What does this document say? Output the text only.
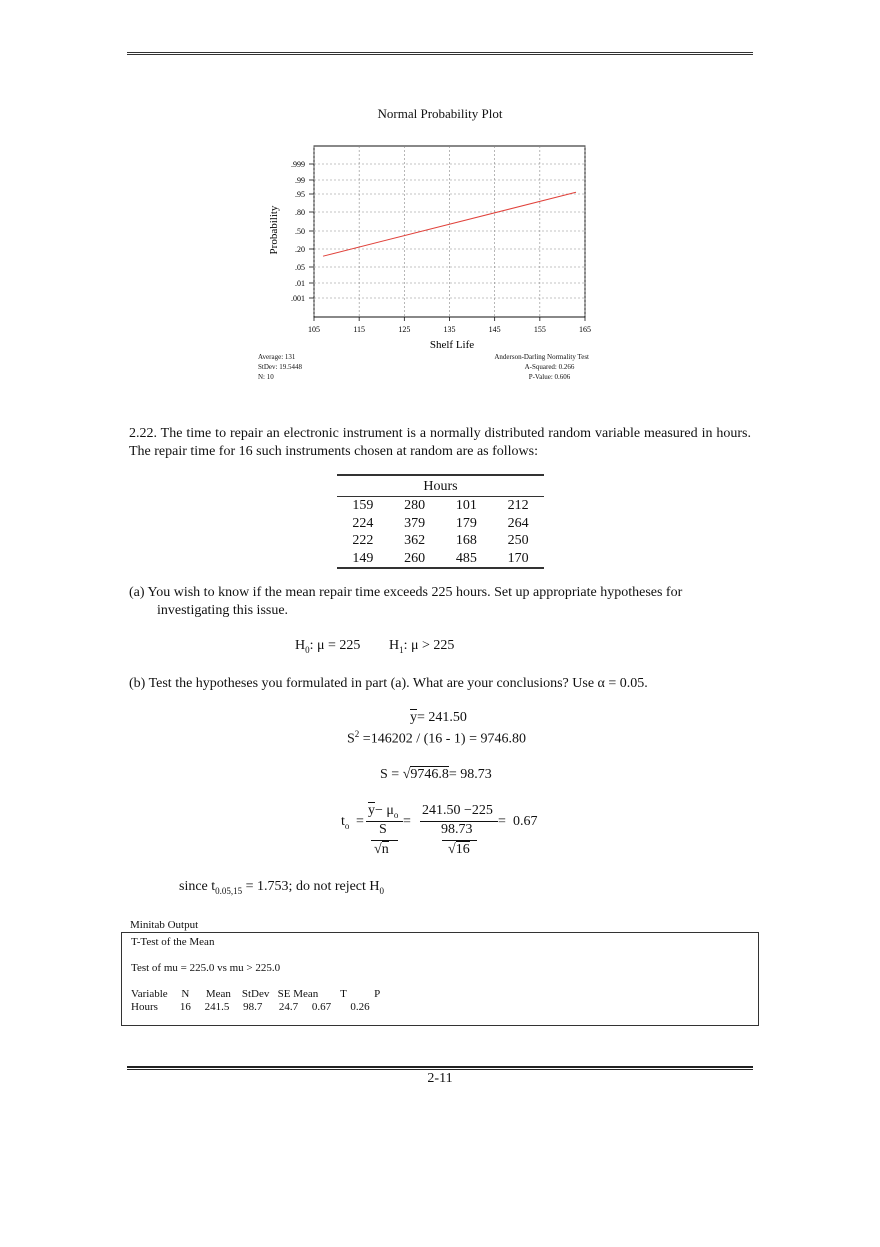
Normal Probability Plot
.999
.99
.95
.80
.50
.20
.05
.01
.001
105	115	125	135	145	155	165
Probability
Shelf Life
Average: 131
StDev: 19.5448
N: 10
Anderson-Darling Normality Test
A-Squared: 0.266
P-Value: 0.606
2.22. The time to repair an electronic instrument is a normally distributed random variable measured in hours. The repair time for 16 such instruments chosen at random are as follows:
Hours			
159	280	101	212
224	379	179	264
222	362	168	250
149	260	485	170
(a) You wish to know if the mean repair time exceeds 225 hours. Set up appropriate hypotheses for
investigating this issue.
$H_0$: μ = 225 $H_1$: μ > 225
(b) Test the hypotheses you formulated in part (a). What are your conclusions? Use α = 0.05.
y= 241.50
$S^2 =146202 / (16 - 1) = 9746.80$
S = √9746.8= 98.73
$t_o$ =
$y- \mu_o$
S
√n
=
241.50 −225
98.73
√16
= 0.67
since $t_{0.05,15} = 1.753$; do not reject $H_0$
Minitab Output
T-Test of the Mean
Test of mu = 225.0 vs mu > 225.0
Variable     N      Mean    StDev   SE Mean        T          P
Hours        16     241.5     98.7      24.7     0.67       0.26
2-11
